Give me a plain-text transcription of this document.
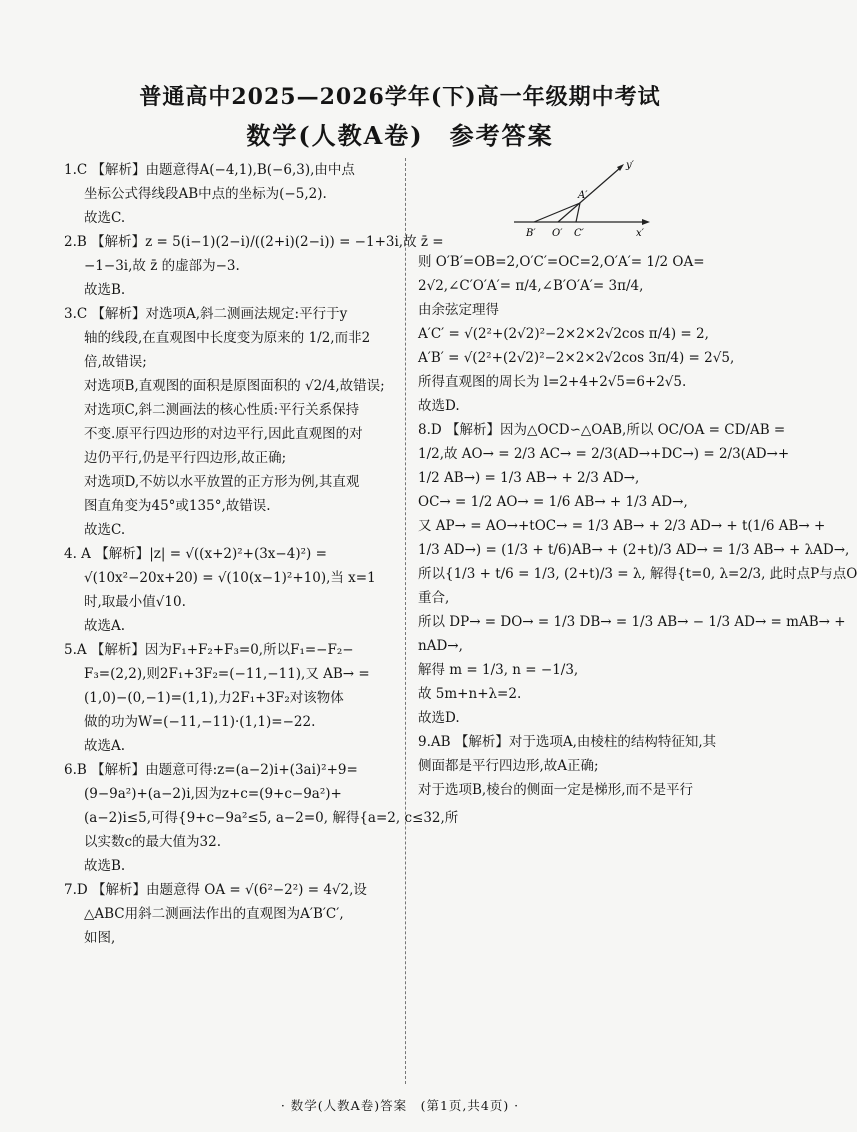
普通高中2025—2026学年(下)高一年级期中考试
数学(人教A卷)　参考答案
1.C 【解析】由题意得A(−4,1),B(−6,3),由中点
坐标公式得线段AB中点的坐标为(−5,2).
故选C.
2.B 【解析】z = 5(i−1)(2−i)/((2+i)(2−i)) = −1+3i,故 z̄ =
−1−3i,故 z̄ 的虚部为−3.
故选B.
3.C 【解析】对选项A,斜二测画法规定:平行于y
轴的线段,在直观图中长度变为原来的 1/2,而非2
倍,故错误;
对选项B,直观图的面积是原图面积的 √2/4,故错误;
对选项C,斜二测画法的核心性质:平行关系保持
不变.原平行四边形的对边平行,因此直观图的对
边仍平行,仍是平行四边形,故正确;
对选项D,不妨以水平放置的正方形为例,其直观
图直角变为45°或135°,故错误.
故选C.
4. A 【解析】|z| = √((x+2)²+(3x−4)²) =
√(10x²−20x+20) = √(10(x−1)²+10),当 x=1
时,取最小值√10.
故选A.
5.A 【解析】因为F₁+F₂+F₃=0,所以F₁=−F₂−
F₃=(2,2),则2F₁+3F₂=(−11,−11),又 AB→ =
(1,0)−(0,−1)=(1,1),力2F₁+3F₂对该物体
做的功为W=(−11,−11)·(1,1)=−22.
故选A.
6.B 【解析】由题意可得:z=(a−2)i+(3ai)²+9=
(9−9a²)+(a−2)i,因为z+c=(9+c−9a²)+
(a−2)i≤5,可得{9+c−9a²≤5, a−2=0, 解得{a=2, c≤32,所
以实数c的最大值为32.
故选B.
7.D 【解析】由题意得 OA = √(6²−2²) = 4√2,设
△ABC用斜二测画法作出的直观图为A′B′C′,
如图,
y′
A′
B′ O′ C′	x′
则 O′B′=OB=2,O′C′=OC=2,O′A′= 1/2 OA=
2√2,∠C′O′A′= π/4,∠B′O′A′= 3π/4,
由余弦定理得
A′C′ = √(2²+(2√2)²−2×2×2√2cos π/4) = 2,
A′B′ = √(2²+(2√2)²−2×2×2√2cos 3π/4) = 2√5,
所得直观图的周长为 l=2+4+2√5=6+2√5.
故选D.
8.D 【解析】因为△OCD∽△OAB,所以 OC/OA = CD/AB =
1/2,故 AO→ = 2/3 AC→ = 2/3(AD→+DC→) = 2/3(AD→+
1/2 AB→) = 1/3 AB→ + 2/3 AD→,
OC→ = 1/2 AO→ = 1/6 AB→ + 1/3 AD→,
又 AP→ = AO→+tOC→ = 1/3 AB→ + 2/3 AD→ + t(1/6 AB→ +
1/3 AD→) = (1/3 + t/6)AB→ + (2+t)/3 AD→ = 1/3 AB→ + λAD→,
所以{1/3 + t/6 = 1/3, (2+t)/3 = λ, 解得{t=0, λ=2/3, 此时点P与点O
重合,
所以 DP→ = DO→ = 1/3 DB→ = 1/3 AB→ − 1/3 AD→ = mAB→ +
nAD→,
解得 m = 1/3, n = −1/3,
故 5m+n+λ=2.
故选D.
9.AB 【解析】对于选项A,由棱柱的结构特征知,其
侧面都是平行四边形,故A正确;
对于选项B,棱台的侧面一定是梯形,而不是平行
· 数学(人教A卷)答案　(第1页,共4页) ·
